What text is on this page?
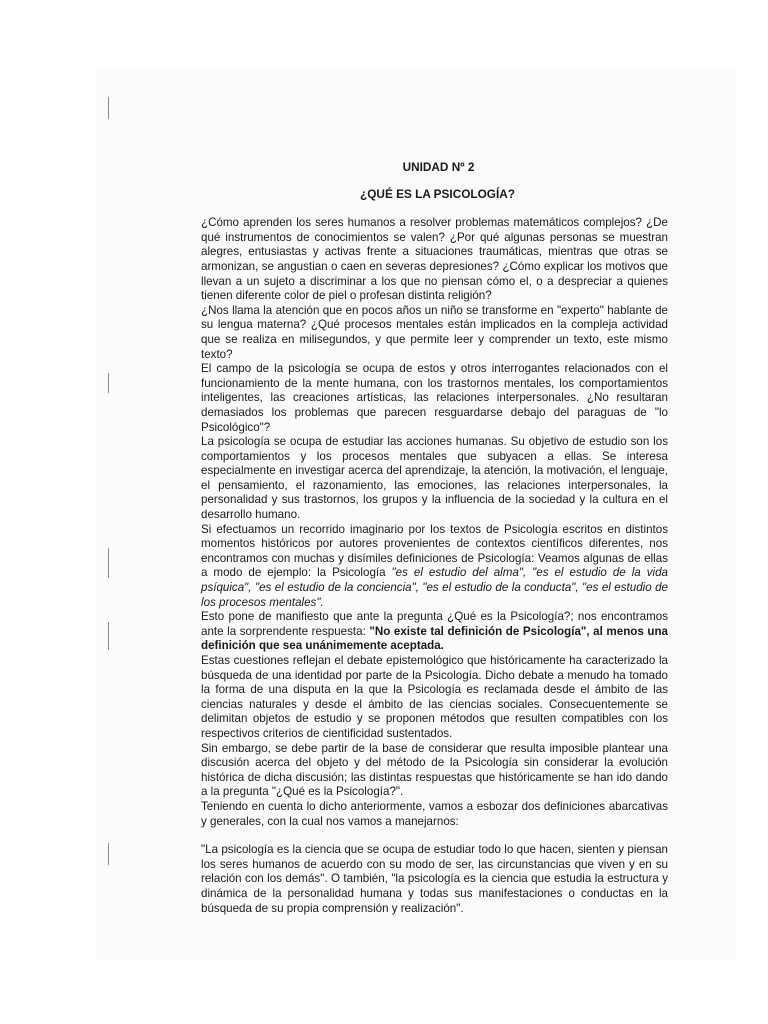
UNIDAD Nº 2

¿QUÉ ES LA PSICOLOGÍA?

¿Cómo aprenden los seres humanos a resolver problemas matemáticos complejos? ¿De qué instrumentos de conocimientos se valen? ¿Por qué algunas personas se muestran alegres, entusiastas y activas frente a situaciones traumáticas, mientras que otras se armonizan, se angustian o caen en severas depresiones? ¿Cómo explicar los motivos que llevan a un sujeto a discriminar a los que no piensan cómo el, o a despreciar a quienes tienen diferente color de piel o profesan distinta religión?

¿Nos llama la atención que en pocos años un niño se transforme en "experto" hablante de su lengua materna? ¿Qué procesos mentales están implicados en la compleja actividad que se realiza en milisegundos, y que permite leer y comprender un texto, este mismo texto?

El campo de la psicología se ocupa de estos y otros interrogantes relacionados con el funcionamiento de la mente humana, con los trastornos mentales, los comportamientos inteligentes, las creaciones artísticas, las relaciones interpersonales. ¿No resultaran demasiados los problemas que parecen resguardarse debajo del paraguas de "lo Psicológico"?

La psicología se ocupa de estudiar las acciones humanas. Su objetivo de estudio son los comportamientos y los procesos mentales que subyacen a ellas. Se interesa especialmente en investigar acerca del aprendizaje, la atención, la motivación, el lenguaje, el pensamiento, el razonamiento, las emociones, las relaciones interpersonales, la personalidad y sus trastornos, los grupos y la influencia de la sociedad y la cultura en el desarrollo humano.

Si efectuamos un recorrido imaginario por los textos de Psicología escritos en distintos momentos históricos por autores provenientes de contextos científicos diferentes, nos encontramos con muchas y disímiles definiciones de Psicología: Veamos algunas de ellas a modo de ejemplo: la Psicología "es el estudio del alma", "es el estudio de la vida psíquica", "es el estudio de la conciencia", "es el estudio de la conducta", "es el estudio de los procesos mentales".

Esto pone de manifiesto que ante la pregunta ¿Qué es la Psicología?; nos encontramos ante la sorprendente respuesta: "No existe tal definición de Psicología", al menos una definición que sea unánimemente aceptada.

Estas cuestiones reflejan el debate epistemológico que históricamente ha caracterizado la búsqueda de una identidad por parte de la Psicología. Dicho debate a menudo ha tomado la forma de una disputa en la que la Psicología es reclamada desde el ámbito de las ciencias naturales y desde el ámbito de las ciencias sociales. Consecuentemente se delimitan objetos de estudio y se proponen métodos que resulten compatibles con los respectivos criterios de cientificidad sustentados.

Sin embargo, se debe partir de la base de considerar que resulta imposible plantear una discusión acerca del objeto y del método de la Psicología sin considerar la evolución histórica de dicha discusión; las distintas respuestas que históricamente se han ido dando a la pregunta "¿Qué es la Psicología?".

Teniendo en cuenta lo dicho anteriormente, vamos a esbozar dos definiciones abarcativas y generales, con la cual nos vamos a manejarnos:

"La psicología es la ciencia que se ocupa de estudiar todo lo que hacen, sienten y piensan los seres humanos de acuerdo con su modo de ser, las circunstancias que viven y en su relación con los demás". O también, "la psicología es la ciencia que estudia la estructura y dinámica de la personalidad humana y todas sus manifestaciones o conductas en la búsqueda de su propia comprensión y realización".
